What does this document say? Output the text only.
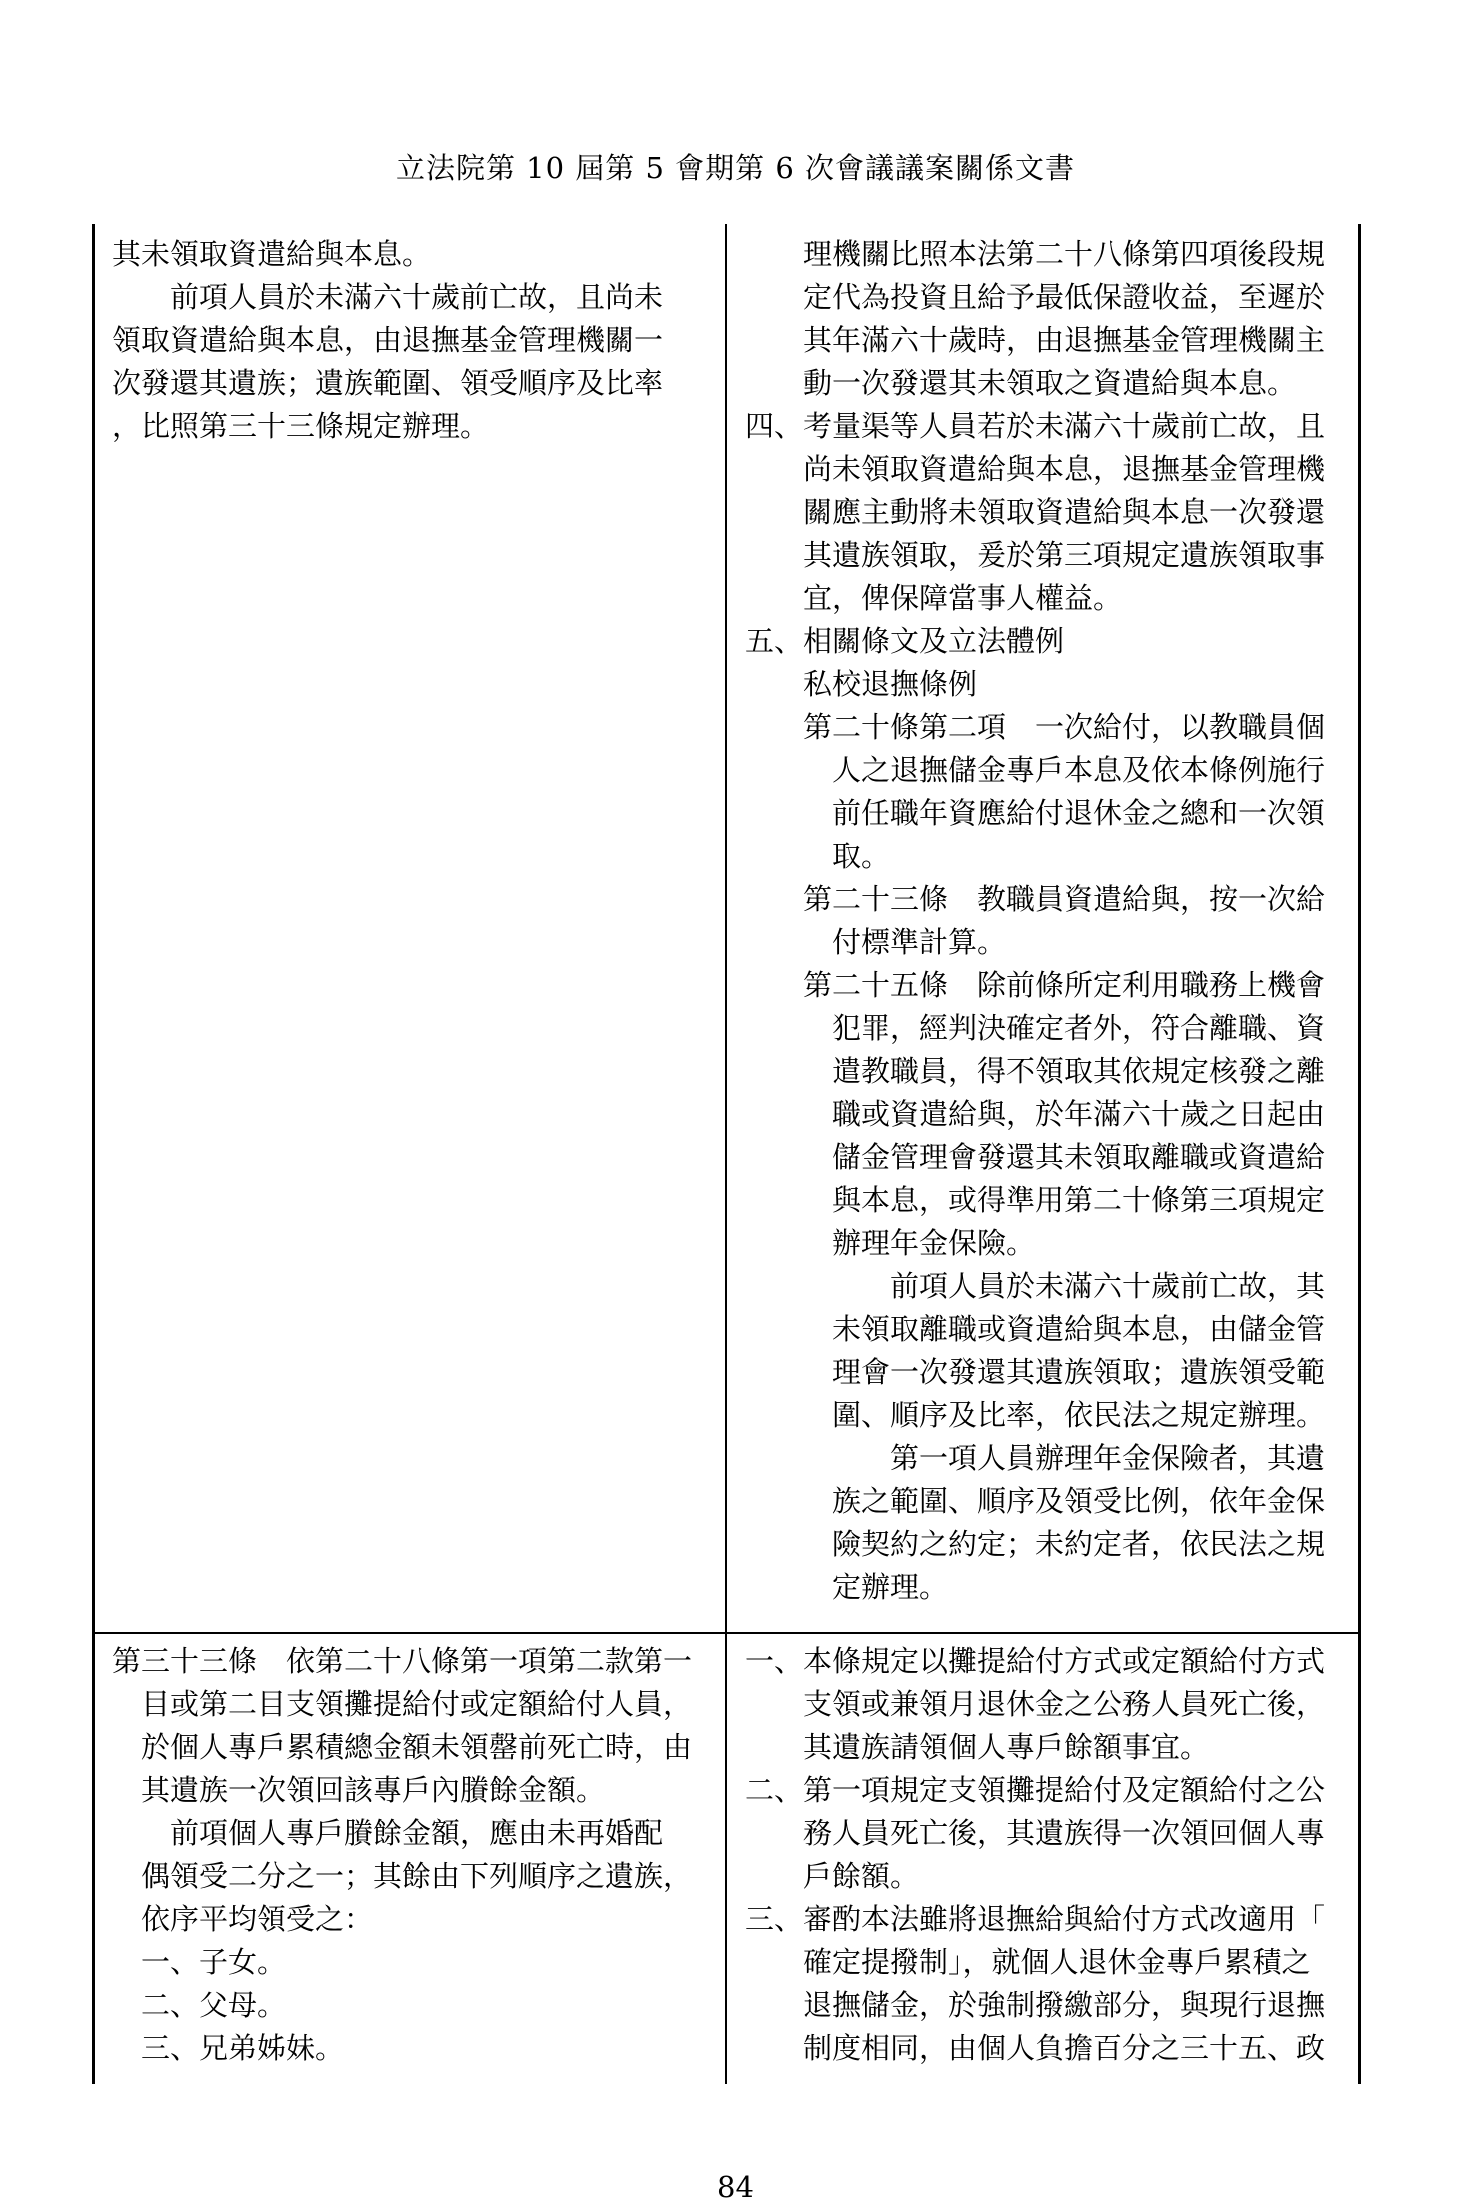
立法院第 10 屆第 5 會期第 6 次會議議案關係文書
其未領取資遣給與本息。
　　前項人員於未滿六十歲前亡故，且尚未
領取資遣給與本息，由退撫基金管理機關一
次發還其遺族；遺族範圍、領受順序及比率
，比照第三十三條規定辦理。
　　理機關比照本法第二十八條第四項後段規
　　定代為投資且給予最低保證收益，至遲於
　　其年滿六十歲時，由退撫基金管理機關主
　　動一次發還其未領取之資遣給與本息。
四、考量渠等人員若於未滿六十歲前亡故，且
　　尚未領取資遣給與本息，退撫基金管理機
　　關應主動將未領取資遣給與本息一次發還
　　其遺族領取，爰於第三項規定遺族領取事
　　宜，俾保障當事人權益。
五、相關條文及立法體例
　　私校退撫條例
　　第二十條第二項　一次給付，以教職員個
　　　人之退撫儲金專戶本息及依本條例施行
　　　前任職年資應給付退休金之總和一次領
　　　取。
　　第二十三條　教職員資遣給與，按一次給
　　　付標準計算。
　　第二十五條　除前條所定利用職務上機會
　　　犯罪，經判決確定者外，符合離職、資
　　　遣教職員，得不領取其依規定核發之離
　　　職或資遣給與，於年滿六十歲之日起由
　　　儲金管理會發還其未領取離職或資遣給
　　　與本息，或得準用第二十條第三項規定
　　　辦理年金保險。
　　　　　前項人員於未滿六十歲前亡故，其
　　　未領取離職或資遣給與本息，由儲金管
　　　理會一次發還其遺族領取；遺族領受範
　　　圍、順序及比率，依民法之規定辦理。
　　　　　第一項人員辦理年金保險者，其遺
　　　族之範圍、順序及領受比例，依年金保
　　　險契約之約定；未約定者，依民法之規
　　　定辦理。
第三十三條　依第二十八條第一項第二款第一
　目或第二目支領攤提給付或定額給付人員，
　於個人專戶累積總金額未領罄前死亡時，由
　其遺族一次領回該專戶內賸餘金額。
　　前項個人專戶賸餘金額，應由未再婚配
　偶領受二分之一；其餘由下列順序之遺族，
　依序平均領受之：
　一、子女。
　二、父母。
　三、兄弟姊妹。
一、本條規定以攤提給付方式或定額給付方式
　　支領或兼領月退休金之公務人員死亡後，
　　其遺族請領個人專戶餘額事宜。
二、第一項規定支領攤提給付及定額給付之公
　　務人員死亡後，其遺族得一次領回個人專
　　戶餘額。
三、審酌本法雖將退撫給與給付方式改適用「
　　確定提撥制」，就個人退休金專戶累積之
　　退撫儲金，於強制撥繳部分，與現行退撫
　　制度相同，由個人負擔百分之三十五、政
84
